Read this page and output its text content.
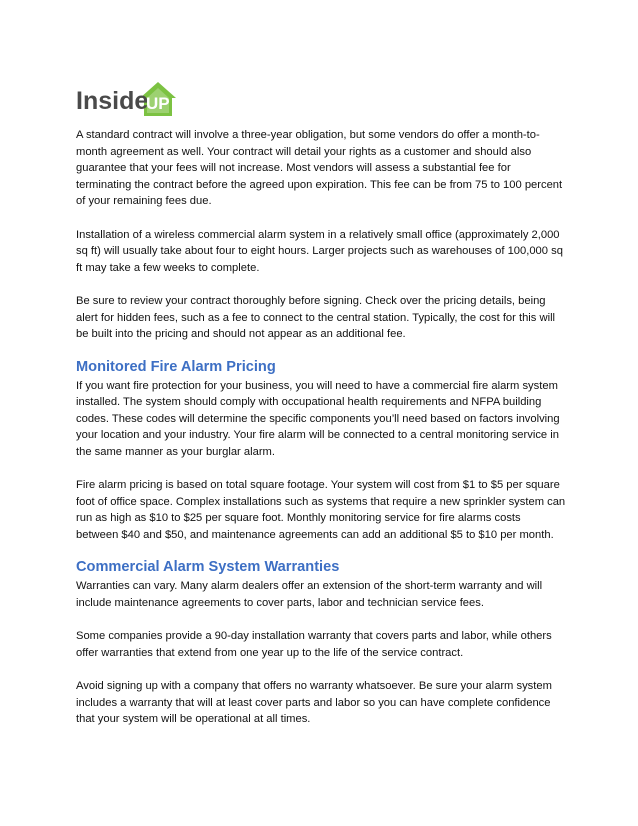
Inside
UP

A standard contract will involve a three-year obligation, but some vendors do offer a month-to-month agreement as well. Your contract will detail your rights as a customer and should also guarantee that your fees will not increase. Most vendors will assess a substantial fee for terminating the contract before the agreed upon expiration. This fee can be from 75 to 100 percent of your remaining fees due.

Installation of a wireless commercial alarm system in a relatively small office (approximately 2,000 sq ft) will usually take about four to eight hours. Larger projects such as warehouses of 100,000 sq ft may take a few weeks to complete.

Be sure to review your contract thoroughly before signing. Check over the pricing details, being alert for hidden fees, such as a fee to connect to the central station. Typically, the cost for this will be built into the pricing and should not appear as an additional fee.

Monitored Fire Alarm Pricing

If you want fire protection for your business, you will need to have a commercial fire alarm system installed. The system should comply with occupational health requirements and NFPA building codes. These codes will determine the specific components you’ll need based on factors involving your location and your industry. Your fire alarm will be connected to a central monitoring service in the same manner as your burglar alarm.

Fire alarm pricing is based on total square footage. Your system will cost from $1 to $5 per square foot of office space. Complex installations such as systems that require a new sprinkler system can run as high as $10 to $25 per square foot. Monthly monitoring service for fire alarms costs between $40 and $50, and maintenance agreements can add an additional $5 to $10 per month.

Commercial Alarm System Warranties

Warranties can vary. Many alarm dealers offer an extension of the short-term warranty and will include maintenance agreements to cover parts, labor and technician service fees.

Some companies provide a 90-day installation warranty that covers parts and labor, while others offer warranties that extend from one year up to the life of the service contract.

Avoid signing up with a company that offers no warranty whatsoever. Be sure your alarm system includes a warranty that will at least cover parts and labor so you can have complete confidence that your system will be operational at all times.
